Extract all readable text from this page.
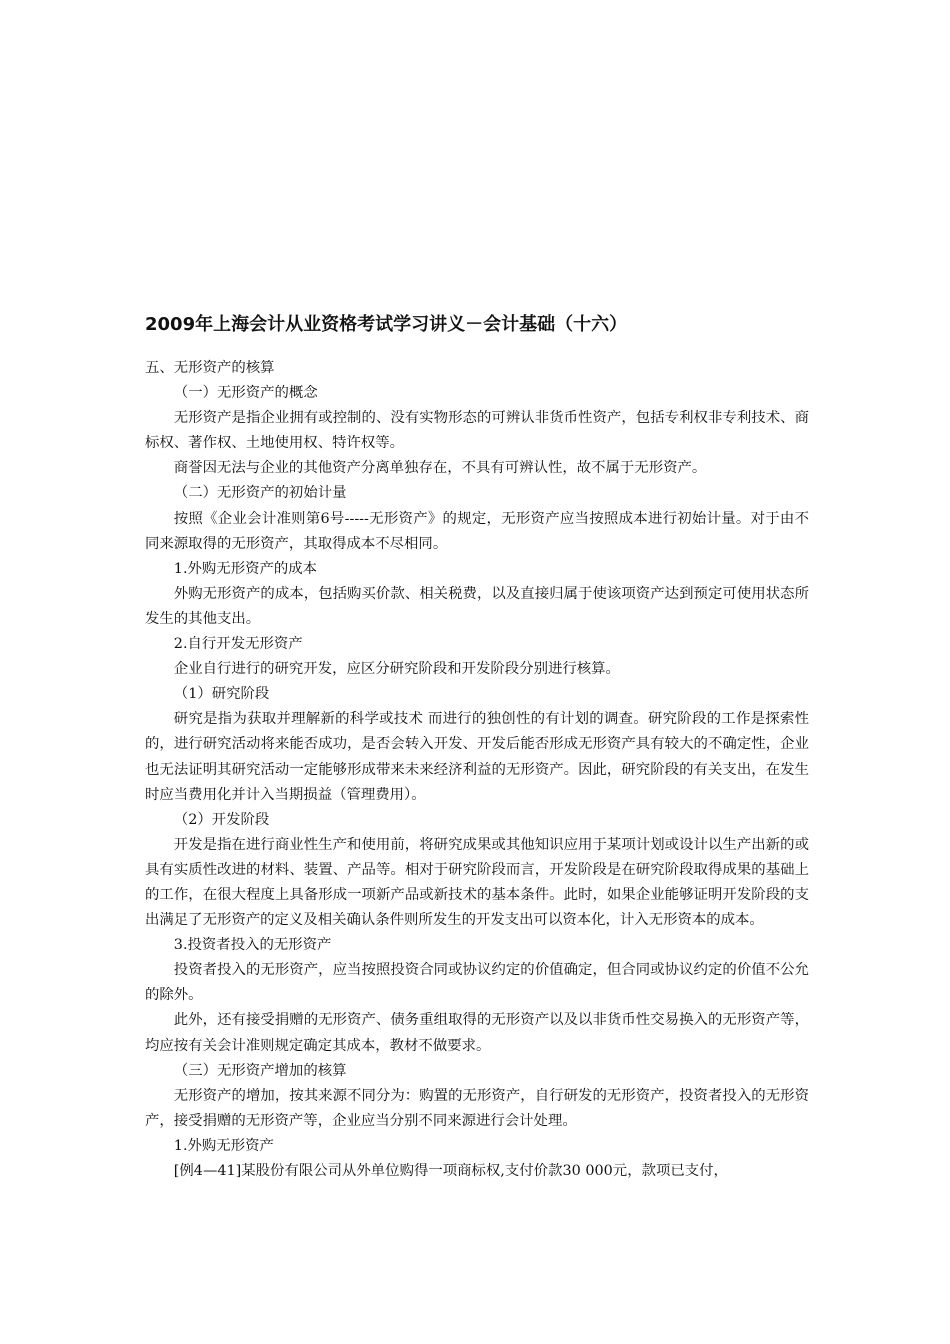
2009年上海会计从业资格考试学习讲义－会计基础（十六）

五、无形资产的核算

（一）无形资产的概念

无形资产是指企业拥有或控制的、没有实物形态的可辨认非货币性资产，包括专利权非专利技术、商标权、著作权、土地使用权、特许权等。

商誉因无法与企业的其他资产分离单独存在，不具有可辨认性，故不属于无形资产。

（二）无形资产的初始计量

按照《企业会计准则第6号-----无形资产》的规定，无形资产应当按照成本进行初始计量。对于由不同来源取得的无形资产，其取得成本不尽相同。

1.外购无形资产的成本

外购无形资产的成本，包括购买价款、相关税费，以及直接归属于使该项资产达到预定可使用状态所发生的其他支出。

2.自行开发无形资产

企业自行进行的研究开发，应区分研究阶段和开发阶段分别进行核算。

（1）研究阶段

研究是指为获取并理解新的科学或技术 而进行的独创性的有计划的调查。研究阶段的工作是探索性的，进行研究活动将来能否成功，是否会转入开发、开发后能否形成无形资产具有较大的不确定性，企业也无法证明其研究活动一定能够形成带来未来经济利益的无形资产。因此，研究阶段的有关支出，在发生时应当费用化并计入当期损益（管理费用）。

（2）开发阶段

开发是指在进行商业性生产和使用前，将研究成果或其他知识应用于某项计划或设计以生产出新的或具有实质性改进的材料、装置、产品等。相对于研究阶段而言，开发阶段是在研究阶段取得成果的基础上的工作，在很大程度上具备形成一项新产品或新技术的基本条件。此时，如果企业能够证明开发阶段的支出满足了无形资产的定义及相关确认条件则所发生的开发支出可以资本化，计入无形资本的成本。

3.投资者投入的无形资产

投资者投入的无形资产，应当按照投资合同或协议约定的价值确定，但合同或协议约定的价值不公允的除外。

此外，还有接受捐赠的无形资产、债务重组取得的无形资产以及以非货币性交易换入的无形资产等，均应按有关会计准则规定确定其成本，教材不做要求。

（三）无形资产增加的核算

无形资产的增加，按其来源不同分为：购置的无形资产，自行研发的无形资产，投资者投入的无形资产，接受捐赠的无形资产等，企业应当分别不同来源进行会计处理。

1.外购无形资产

[例4—41]某股份有限公司从外单位购得一项商标权,支付价款30 000元，款项已支付，
